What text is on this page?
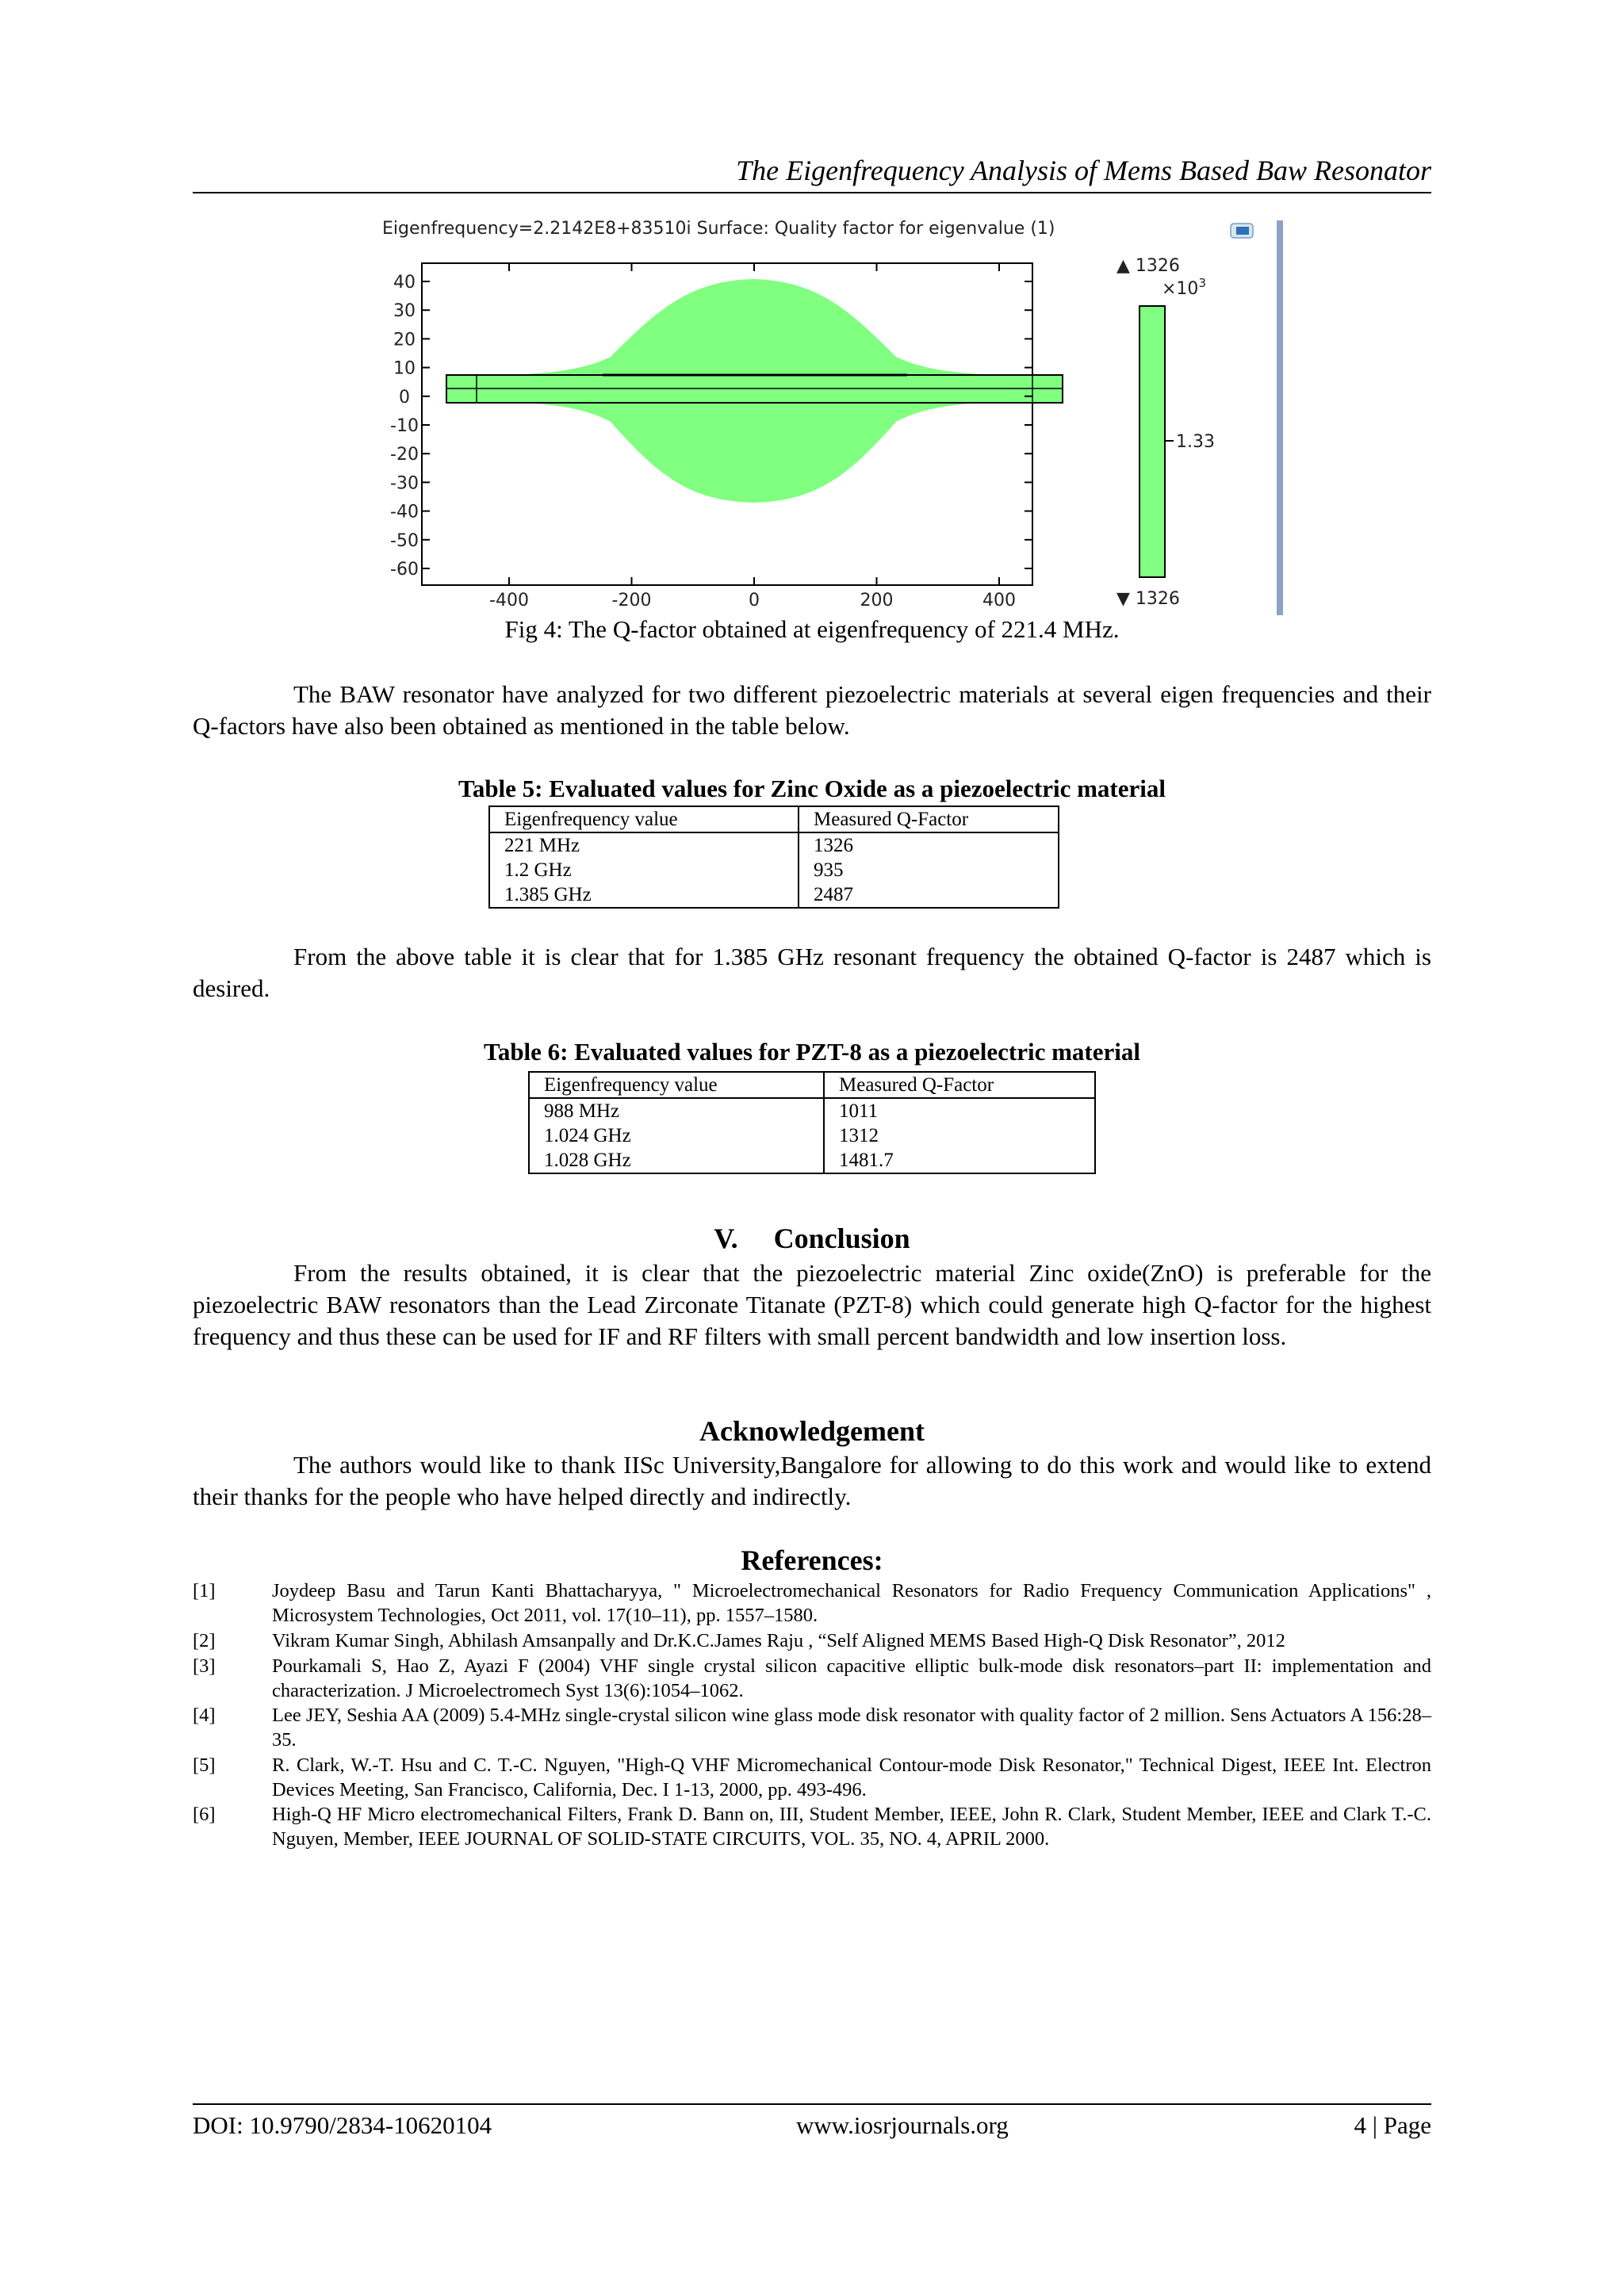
The Eigenfrequency Analysis of Mems Based Baw Resonator
Eigenfrequency=2.2142E8+83510i Surface: Quality factor for eigenvalue (1)
40
30
20
10
0
-10
-20
-30
-40
-50
-60
-400	-200	0	200	400
▲ 1326
$\times 10^3$
1.33
▼ 1326
Fig 4: The Q-factor obtained at eigenfrequency of 221.4 MHz.
The BAW resonator have analyzed for two different piezoelectric materials at several eigen frequencies and their Q-factors have also been obtained as mentioned in the table below.
Table 5: Evaluated values for Zinc Oxide as a piezoelectric material
Eigenfrequency value	Measured Q-Factor
221 MHz	1326
1.2 GHz	935
1.385 GHz	2487
From the above table it is clear that for 1.385 GHz resonant frequency the obtained Q-factor is 2487 which is desired.
Table 6: Evaluated values for PZT-8 as a piezoelectric material
Eigenfrequency value	Measured Q-Factor
988 MHz	1011
1.024 GHz	1312
1.028 GHz	1481.7
V.     Conclusion
From the results obtained, it is clear that the piezoelectric material Zinc oxide(ZnO) is preferable for the piezoelectric BAW resonators than the Lead Zirconate Titanate (PZT-8) which could generate high Q-factor for the highest frequency and thus these can be used for IF and RF filters with small percent bandwidth and low insertion loss.
Acknowledgement
The authors would like to thank IISc University,Bangalore for allowing to do this work and would like to extend their thanks for the people who have helped directly and indirectly.
References:
[1]	Joydeep Basu and Tarun Kanti Bhattacharyya, " Microelectromechanical Resonators for Radio Frequency Communication Applications" , Microsystem Technologies, Oct 2011, vol. 17(10–11), pp. 1557–1580.
[2]	Vikram Kumar Singh, Abhilash Amsanpally and Dr.K.C.James Raju , “Self Aligned MEMS Based High-Q Disk Resonator”, 2012
[3]	Pourkamali S, Hao Z, Ayazi F (2004) VHF single crystal silicon capacitive elliptic bulk-mode disk resonators–part II: implementation and characterization. J Microelectromech Syst 13(6):1054–1062.
[4]	Lee JEY, Seshia AA (2009) 5.4-MHz single-crystal silicon wine glass mode disk resonator with quality factor of 2 million. Sens Actuators A 156:28–35.
[5]	R. Clark, W.-T. Hsu and C. T.-C. Nguyen, "High-Q VHF Micromechanical Contour-mode Disk Resonator," Technical Digest, IEEE Int. Electron Devices Meeting, San Francisco, California, Dec. I 1-13, 2000, pp. 493-496.
[6]	High-Q HF Micro electromechanical Filters, Frank D. Bann on, III, Student Member, IEEE, John R. Clark, Student Member, IEEE and Clark T.-C. Nguyen, Member, IEEE JOURNAL OF SOLID-STATE CIRCUITS, VOL. 35, NO. 4, APRIL 2000.
DOI: 10.9790/2834-10620104	www.iosrjournals.org	4 | Page
